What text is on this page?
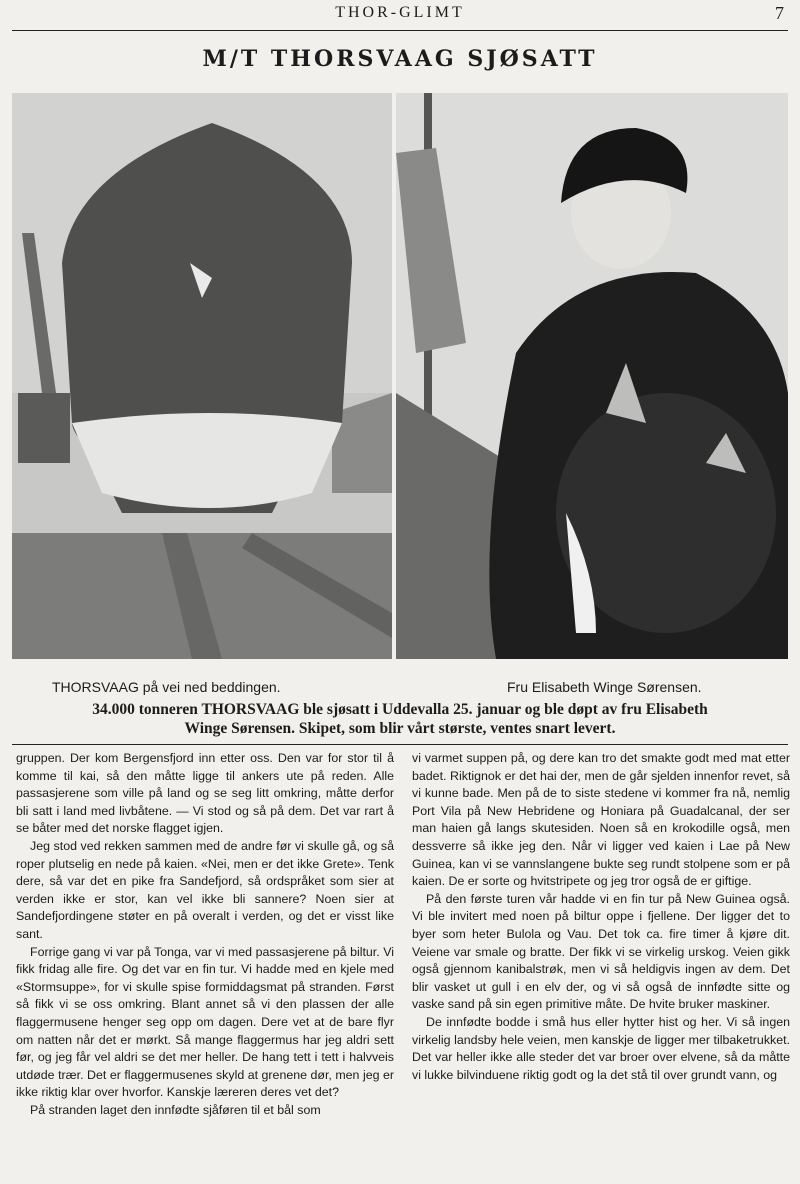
THOR-GLIMT	7
M/T THORSVAAG SJØSATT
THORSVAAG på vei ned beddingen.	Fru Elisabeth Winge Sørensen.
34.000 tonneren THORSVAAG ble sjøsatt i Uddevalla 25. januar og ble døpt av fru Elisabeth
Winge Sørensen. Skipet, som blir vårt største, ventes snart levert.

gruppen. Der kom Bergensfjord inn etter oss. Den var for stor til å komme til kai, så den måtte ligge til ankers ute på reden. Alle passasjerene som ville på land og se seg litt omkring, måtte derfor bli satt i land med livbåtene. — Vi stod og så på dem. Det var rart å se båter med det norske flagget igjen.

Jeg stod ved rekken sammen med de andre før vi skulle gå, og så roper plutselig en nede på kaien. «Nei, men er det ikke Grete». Tenk dere, så var det en pike fra Sandefjord, så ordspråket som sier at verden ikke er stor, kan vel ikke bli sannere? Noen sier at Sandefjordingene støter en på overalt i verden, og det er visst like sant.

Forrige gang vi var på Tonga, var vi med passasjerene på biltur. Vi fikk fridag alle fire. Og det var en fin tur. Vi hadde med en kjele med «Stormsuppe», for vi skulle spise formiddagsmat på stranden. Først så fikk vi se oss omkring. Blant annet så vi den plassen der alle flaggermusene henger seg opp om dagen. Dere vet at de bare flyr om natten når det er mørkt. Så mange flaggermus har jeg aldri sett før, og jeg får vel aldri se det mer heller. De hang tett i tett i halvveis utdøde trær. Det er flaggermusenes skyld at grenene dør, men jeg er ikke riktig klar over hvorfor. Kanskje læreren deres vet det?

På stranden laget den innfødte sjåføren til et bål som

vi varmet suppen på, og dere kan tro det smakte godt med mat etter badet. Riktignok er det hai der, men de går sjelden innenfor revet, så vi kunne bade. Men på de to siste stedene vi kommer fra nå, nemlig Port Vila på New Hebridene og Honiara på Guadalcanal, der ser man haien gå langs skutesiden. Noen så en krokodille også, men dessverre så ikke jeg den. Når vi ligger ved kaien i Lae på New Guinea, kan vi se vannslangene bukte seg rundt stolpene som er på kaien. De er sorte og hvitstripete og jeg tror også de er giftige.

På den første turen vår hadde vi en fin tur på New Guinea også. Vi ble invitert med noen på biltur oppe i fjellene. Der ligger det to byer som heter Bulola og Vau. Det tok ca. fire timer å kjøre dit. Veiene var smale og bratte. Der fikk vi se virkelig urskog. Veien gikk også gjennom kanibalstrøk, men vi så heldigvis ingen av dem. Det blir vasket ut gull i en elv der, og vi så også de innfødte sitte og vaske sand på sin egen primitive måte. De hvite bruker maskiner.

De innfødte bodde i små hus eller hytter hist og her. Vi så ingen virkelig landsby hele veien, men kanskje de ligger mer tilbaketrukket. Det var heller ikke alle steder det var broer over elvene, så da måtte vi lukke bilvinduene riktig godt og la det stå til over grundt vann, og
